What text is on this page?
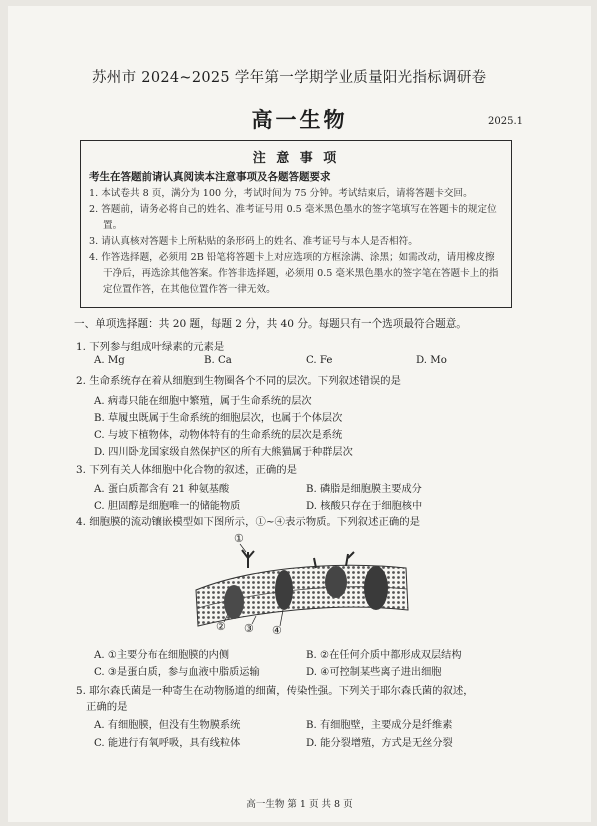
苏州市 2024~2025 学年第一学期学业质量阳光指标调研卷
高一生物	2025.1
注 意 事 项
考生在答题前请认真阅读本注意事项及各题答题要求
1. 本试卷共 8 页，满分为 100 分，考试时间为 75 分钟。考试结束后，请将答题卡交回。
2. 答题前，请务必将自己的姓名、准考证号用 0.5 毫米黑色墨水的签字笔填写在答题卡的规定位置。
3. 请认真核对答题卡上所粘贴的条形码上的姓名、准考证号与本人是否相符。
4. 作答选择题，必须用 2B 铅笔将答题卡上对应选项的方框涂满、涂黑；如需改动，请用橡皮擦干净后，再选涂其他答案。作答非选择题，必须用 0.5 毫米黑色墨水的签字笔在答题卡上的指定位置作答，在其他位置作答一律无效。
一、单项选择题：共 20 题，每题 2 分，共 40 分。每题只有一个选项最符合题意。
1. 下列参与组成叶绿素的元素是
A. Mg	B. Ca	C. Fe	D. Mo
2. 生命系统存在着从细胞到生物圈各个不同的层次。下列叙述错误的是
A. 病毒只能在细胞中繁殖，属于生命系统的层次
B. 草履虫既属于生命系统的细胞层次，也属于个体层次
C. 与坡下植物体，动物体特有的生命系统的层次是系统
D. 四川卧龙国家级自然保护区的所有大熊猫属于种群层次
3. 下列有关人体细胞中化合物的叙述，正确的是
A. 蛋白质都含有 21 种氨基酸	B. 磷脂是细胞膜主要成分
C. 胆固醇是细胞唯一的储能物质	D. 核酸只存在于细胞核中
4. 细胞膜的流动镶嵌模型如下图所示，①~④表示物质。下列叙述正确的是
①
② ③ ④
A. ①主要分布在细胞膜的内侧	B. ②在任何介质中都形成双层结构
C. ③是蛋白质，参与血液中脂质运输	D. ④可控制某些离子进出细胞
5. 耶尔森氏菌是一种寄生在动物肠道的细菌，传染性强。下列关于耶尔森氏菌的叙述，
正确的是
A. 有细胞膜，但没有生物膜系统	B. 有细胞壁，主要成分是纤维素
C. 能进行有氧呼吸，具有线粒体	D. 能分裂增殖，方式是无丝分裂
高一生物 第 1 页 共 8 页
